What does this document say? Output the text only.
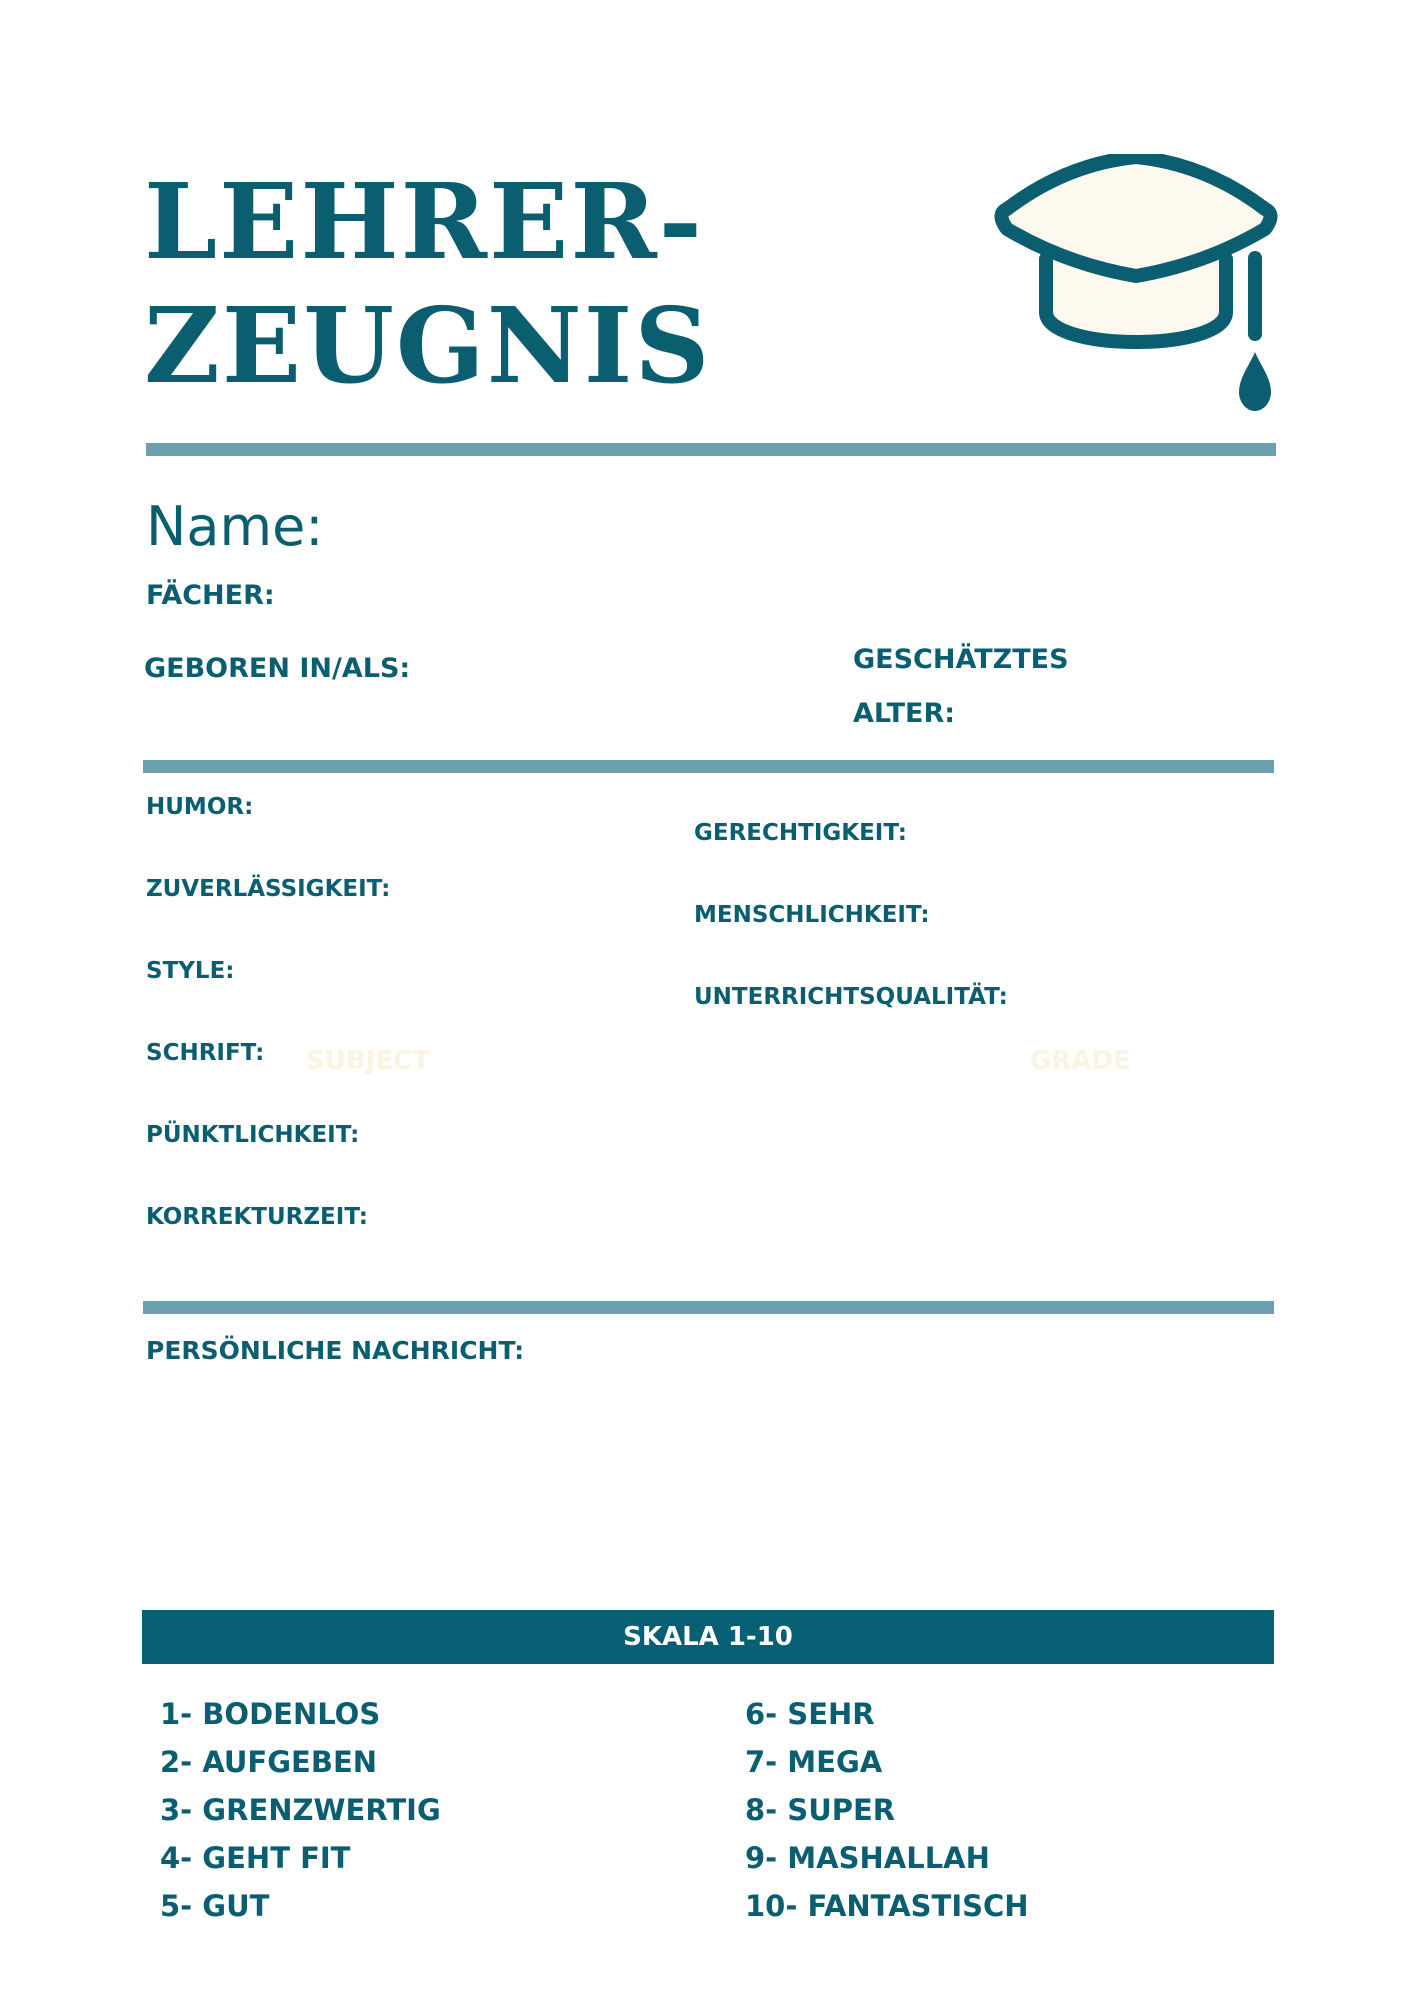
LEHRER-
ZEUGNIS
Name:
FÄCHER:
GEBOREN IN/ALS:	GESCHÄTZTES
ALTER:
HUMOR:
ZUVERLÄSSIGKEIT:
STYLE:
SCHRIFT:
PÜNKTLICHKEIT:
KORREKTURZEIT:
GERECHTIGKEIT:
MENSCHLICHKEIT:
UNTERRICHTSQUALITÄT:
SUBJECT	GRADE
PERSÖNLICHE NACHRICHT:
SKALA 1-10
1- BODENLOS
2- AUFGEBEN
3- GRENZWERTIG
4- GEHT FIT
5- GUT
6- SEHR
7- MEGA
8- SUPER
9- MASHALLAH
10- FANTASTISCH
